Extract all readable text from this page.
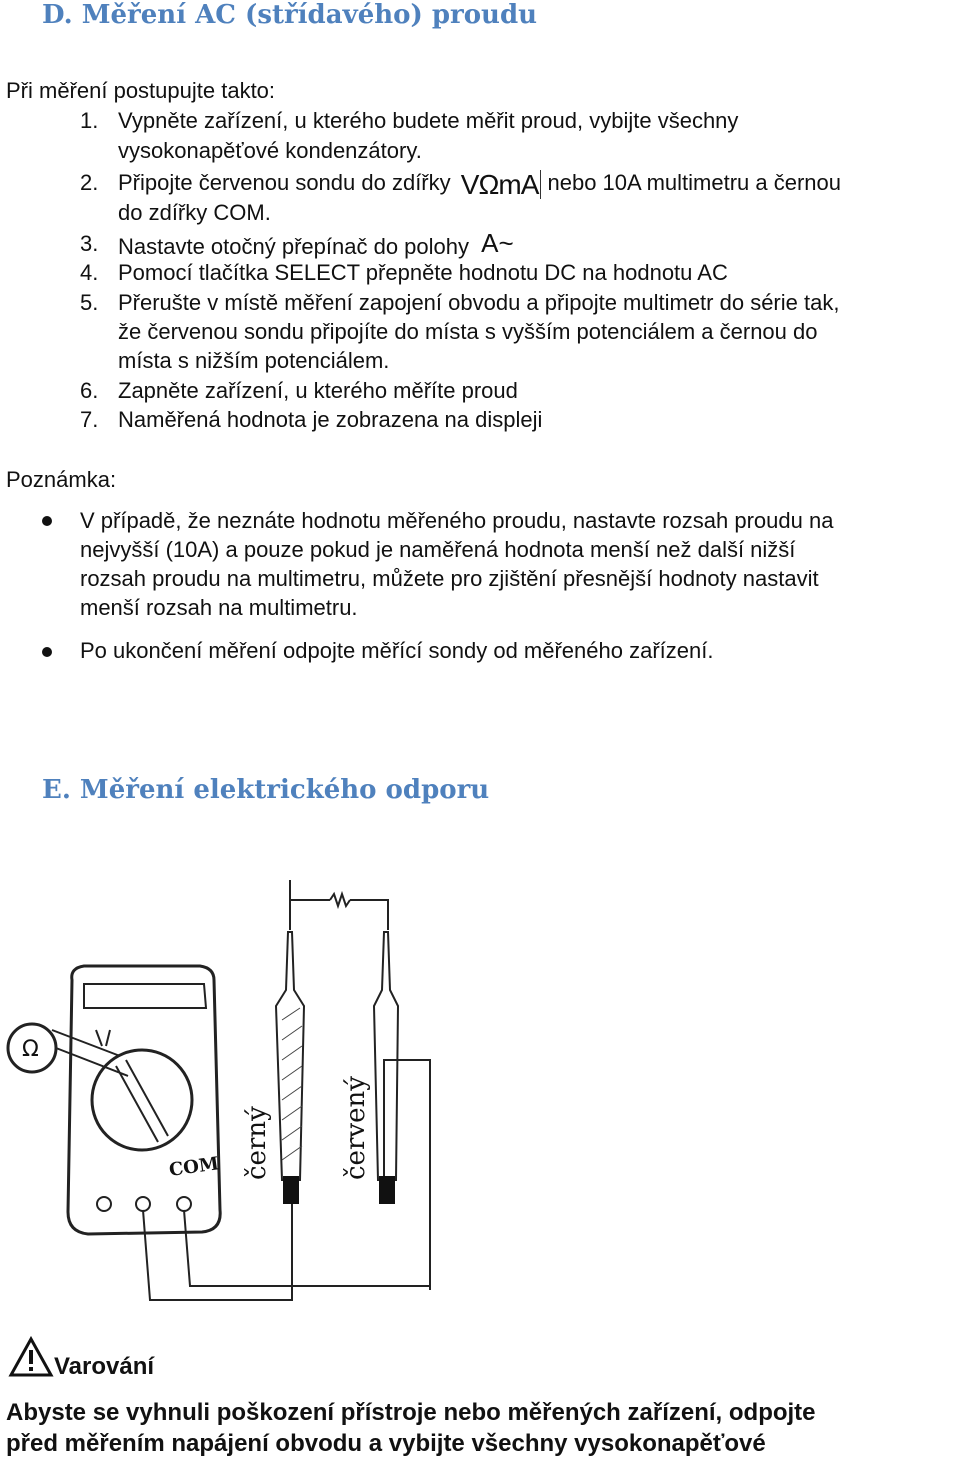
D. Měření AC (střídavého) proudu
Při měření postupujte takto:
1. Vypněte zařízení, u kterého budete měřit proud, vybijte všechny
vysokonapěťové kondenzátory.
2. Připojte červenou sondu do zdířky VΩmA nebo 10A multimetru a černou
do zdířky COM.
3. Nastavte otočný přepínač do polohy A~
4. Pomocí tlačítka SELECT přepněte hodnotu DC na hodnotu AC
5. Přerušte v místě měření zapojení obvodu a připojte multimetr do série tak,
že červenou sondu připojíte do místa s vyšším potenciálem a černou do
místa s nižším potenciálem.
6. Zapněte zařízení, u kterého měříte proud
7. Naměřená hodnota je zobrazena na displeji
Poznámka:
V případě, že neznáte hodnotu měřeného proudu, nastavte rozsah proudu na
nejvyšší (10A) a pouze pokud je naměřená hodnota menší než další nižší
rozsah proudu na multimetru, můžete pro zjištění přesnější hodnoty nastavit
menší rozsah na multimetru.
Po ukončení měření odpojte měřící sondy od měřeného zařízení.
E. Měření elektrického odporu
COM
Ω
černý	červený
Varování
Abyste se vyhnuli poškození přístroje nebo měřených zařízení, odpojte
před měřením napájení obvodu a vybijte všechny vysokonapěťové
